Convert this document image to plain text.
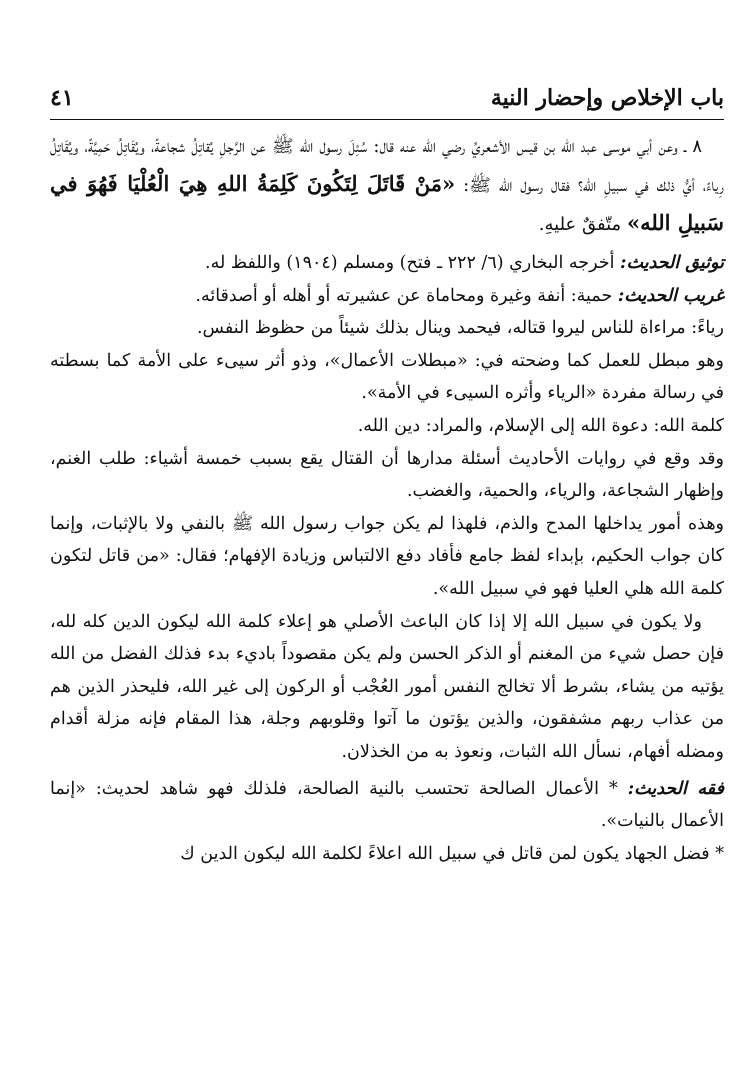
باب الإخلاص وإحضار النية
٤١

٨ ـ وعن أبي موسى عبد الله بن قيس الأشعريِّ رضي الله عنه قال: سُئِلَ رسول الله ﷺ عن الرَّجلِ يُقاتِلُ شجاعةً، ويُقَاتِلُ حَمِيَّةً، ويُقَاتِلُ رِياءً، أيُّ ذلك في سبيلِ الله؟ فقال رسول الله ﷺ: «مَنْ قَاتَلَ لِتَكُونَ كَلِمَةُ اللهِ هِيَ الْعُلْيَا فَهُوَ في سَبيلِ الله» متّفقٌ عليهِ.

توثيق الحديث: أخرجه البخاري (٦/ ٢٢٢ ـ فتح) ومسلم (١٩٠٤) واللفظ له.

غريب الحديث: حمية: أنفة وغيرة ومحاماة عن عشيرته أو أهله أو أصدقائه.

رياءً: مراءاة للناس ليروا قتاله، فيحمد وينال بذلك شيئاً من حظوظ النفس.

وهو مبطل للعمل كما وضحته في: «مبطلات الأعمال»، وذو أثر سيىء على الأمة كما بسطته في رسالة مفردة «الرياء وأثره السيىء في الأمة».

كلمة الله: دعوة الله إلى الإسلام، والمراد: دين الله.

وقد وقع في روايات الأحاديث أسئلة مدارها أن القتال يقع بسبب خمسة أشياء: طلب الغنم، وإظهار الشجاعة، والرياء، والحمية، والغضب.

وهذه أمور يداخلها المدح والذم، فلهذا لم يكن جواب رسول الله ﷺ بالنفي ولا بالإثبات، وإنما كان جواب الحكيم، بإبداء لفظ جامع فأفاد دفع الالتباس وزيادة الإفهام؛ فقال: «من قاتل لتكون كلمة الله هلي العليا فهو في سبيل الله».

ولا يكون في سبيل الله إلا إذا كان الباعث الأصلي هو إعلاء كلمة الله ليكون الدين كله لله، فإن حصل شيء من المغنم أو الذكر الحسن ولم يكن مقصوداً باديء بدء فذلك الفضل من الله يؤتيه من يشاء، بشرط ألا تخالج النفس أمور العُجْب أو الركون إلى غير الله، فليحذر الذين هم من عذاب ربهم مشفقون، والذين يؤتون ما آتوا وقلوبهم وجلة، هذا المقام فإنه مزلة أقدام ومضله أفهام، نسأل الله الثبات، ونعوذ به من الخذلان.

فقه الحديث: * الأعمال الصالحة تحتسب بالنية الصالحة، فلذلك فهو شاهد لحديث: «إنما الأعمال بالنيات».

* فضل الجهاد يكون لمن قاتل في سبيل الله اعلاءً لكلمة الله ليكون الدين ك
